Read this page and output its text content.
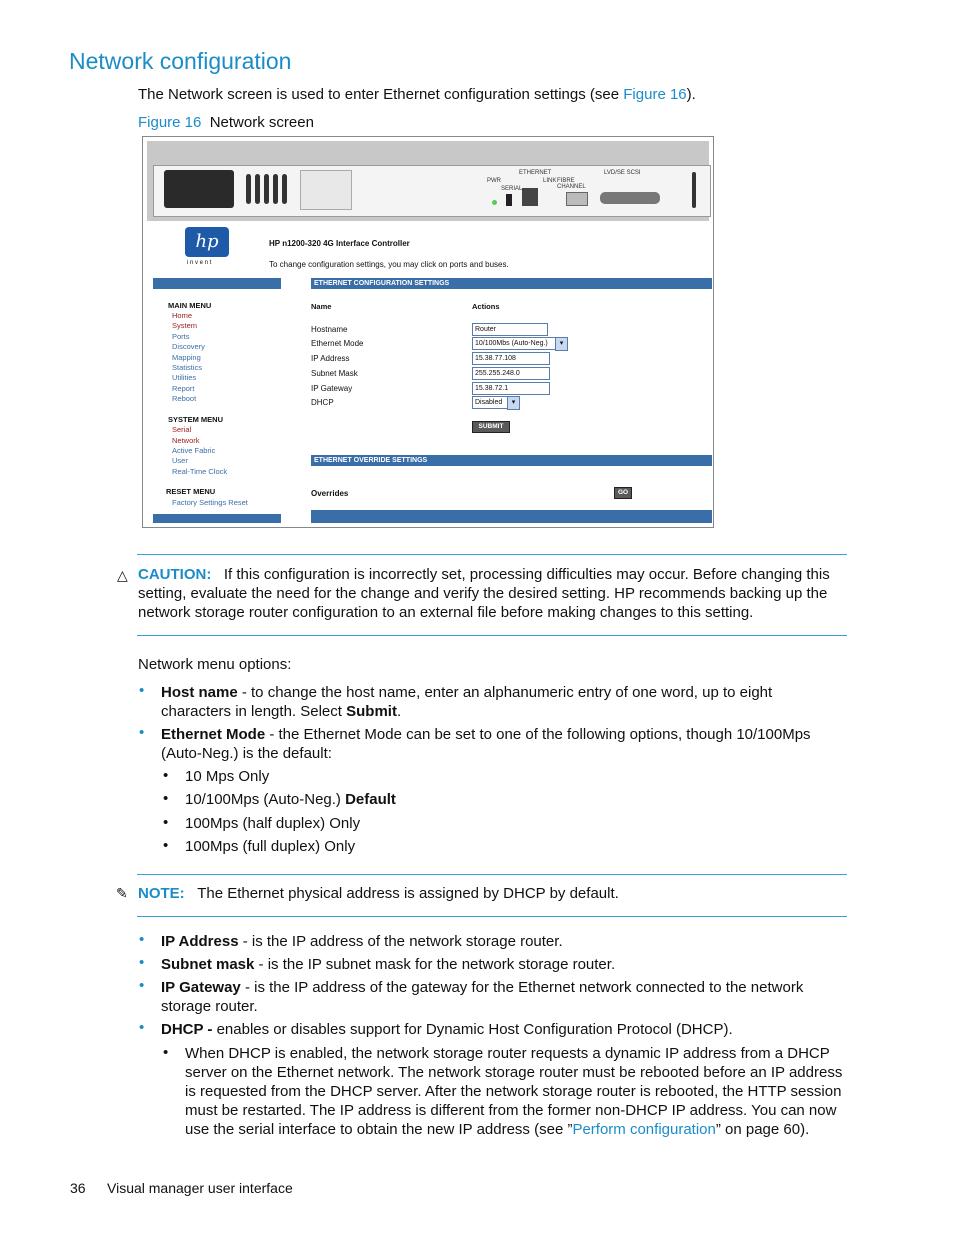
Network configuration
The Network screen is used to enter Ethernet configuration settings (see Figure 16).
Figure 16 Network screen
PWR
SERIAL
ETHERNET
LINK FIBRE CHANNEL
LVD/SE SCSI
hp
i n v e n t
HP n1200-320 4G Interface Controller
To change configuration settings, you may click on ports and buses.
ETHERNET CONFIGURATION SETTINGS
MAIN MENU
Home
System
Ports
Discovery
Mapping
Statistics
Utilities
Report
Reboot
SYSTEM MENU
Serial
Network
Active Fabric
User
Real-Time Clock
RESET MENU
Factory Settings Reset
Name	Actions
Hostname	Router
Ethernet Mode	10/100Mbs (Auto-Neg.)	▾
IP Address	15.38.77.108
Subnet Mask	255.255.248.0
IP Gateway	15.38.72.1
DHCP	Disabled	▾
SUBMIT
ETHERNET OVERRIDE SETTINGS
Overrides	GO
△ CAUTION: If this configuration is incorrectly set, processing difficulties may occur. Before changing this setting, evaluate the need for the change and verify the desired setting. HP recommends backing up the network storage router configuration to an external file before making changes to this setting.
Network menu options:
• Host name - to change the host name, enter an alphanumeric entry of one word, up to eight characters in length. Select Submit.
• Ethernet Mode - the Ethernet Mode can be set to one of the following options, though 10/100Mps (Auto-Neg.) is the default:
• 10 Mps Only
• 10/100Mps (Auto-Neg.) Default
• 100Mps (half duplex) Only
• 100Mps (full duplex) Only
✎ NOTE: The Ethernet physical address is assigned by DHCP by default.
• IP Address - is the IP address of the network storage router.
• Subnet mask - is the IP subnet mask for the network storage router.
• IP Gateway - is the IP address of the gateway for the Ethernet network connected to the network storage router.
• DHCP - enables or disables support for Dynamic Host Configuration Protocol (DHCP).
• When DHCP is enabled, the network storage router requests a dynamic IP address from a DHCP server on the Ethernet network. The network storage router must be rebooted before an IP address is requested from the DHCP server. After the network storage router is rebooted, the HTTP session must be restarted. The IP address is different from the former non-DHCP IP address. You can now use the serial interface to obtain the new IP address (see ”Perform configuration” on page 60).
36 Visual manager user interface
